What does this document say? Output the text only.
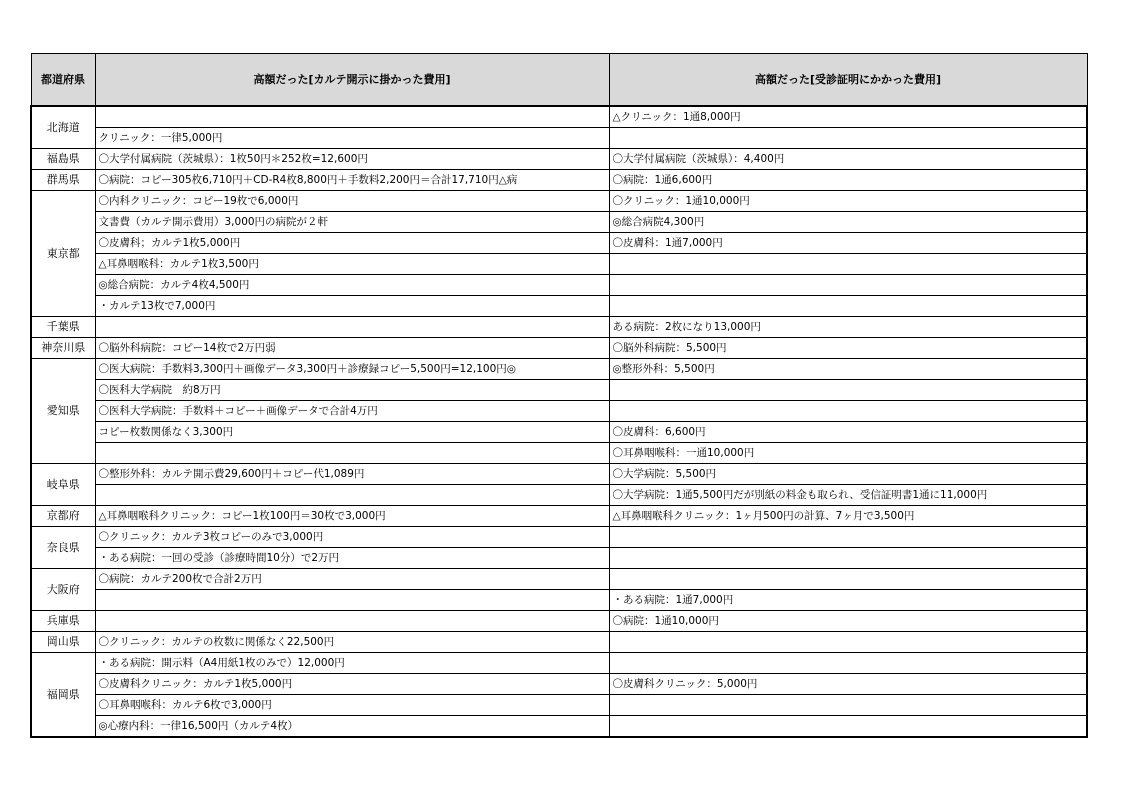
都道府県	高額だった[カルテ開示に掛かった費用]	高額だった[受診証明にかかった費用]
北海道		△クリニック：1通8,000円
	クリニック：一律5,000円	
福島県	〇大学付属病院（茨城県）：1枚50円＊252枚=12,600円	〇大学付属病院（茨城県）：4,400円
群馬県	〇病院：コピー305枚6,710円＋CD-R4枚8,800円＋手数料2,200円＝合計17,710円△病	〇病院：1通6,600円
東京都	〇内科クリニック：コピー19枚で6,000円	〇クリニック：1通10,000円
	文書費（カルテ開示費用）3,000円の病院が２軒	◎総合病院4,300円
	〇皮膚科；カルテ1枚5,000円	〇皮膚科：1通7,000円
	△耳鼻咽喉科：カルテ1枚3,500円	
	◎総合病院：カルテ4枚4,500円	
	・カルテ13枚で7,000円	
千葉県		ある病院：2枚になり13,000円
神奈川県	〇脳外科病院：コピー14枚で2万円弱	〇脳外科病院：5,500円
愛知県	〇医大病院：手数料3,300円＋画像データ3,300円＋診療録コピー5,500円=12,100円◎	◎整形外科：5,500円
	〇医科大学病院　約8万円	
	〇医科大学病院：手数料＋コピー＋画像データで合計4万円	
	コピー枚数関係なく3,300円	〇皮膚科：6,600円
		〇耳鼻咽喉科：一通10,000円
岐阜県	〇整形外科：カルテ開示費29,600円＋コピー代1,089円	〇大学病院：5,500円
		〇大学病院：1通5,500円だが別紙の料金も取られ、受信証明書1通に11,000円
京都府	△耳鼻咽喉科クリニック：コピー1枚100円＝30枚で3,000円	△耳鼻咽喉科クリニック：1ヶ月500円の計算、7ヶ月で3,500円
奈良県	〇クリニック：カルテ3枚コピーのみで3,000円	
	・ある病院：一回の受診（診療時間10分）で2万円	
大阪府	〇病院：カルテ200枚で合計2万円	
		・ある病院：1通7,000円
兵庫県		〇病院：1通10,000円
岡山県	〇クリニック：カルテの枚数に関係なく22,500円	
福岡県	・ある病院：開示料（A4用紙1枚のみで）12,000円	
	〇皮膚科クリニック：カルテ1枚5,000円	〇皮膚科クリニック：5,000円
	〇耳鼻咽喉科：カルテ6枚で3,000円	
	◎心療内科：一律16,500円（カルテ4枚）	
